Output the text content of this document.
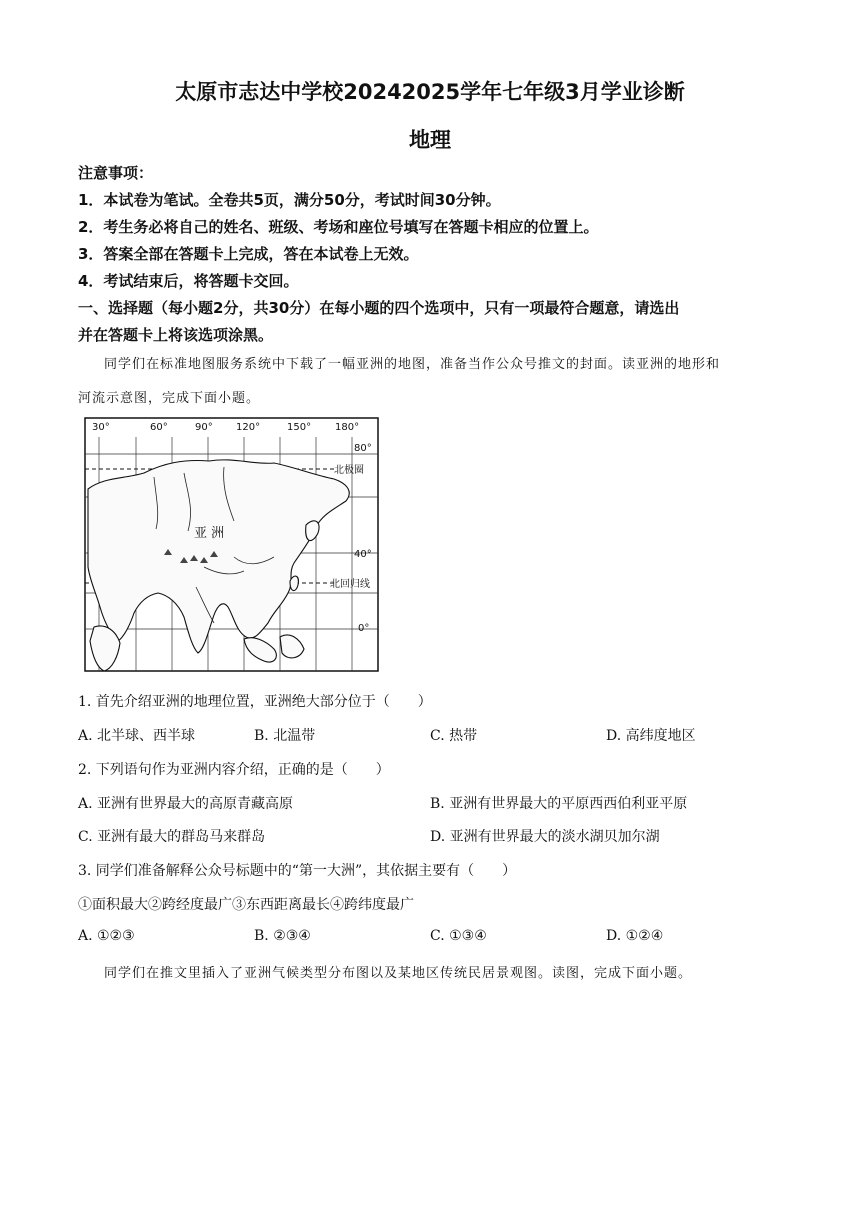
太原市志达中学校20242025学年七年级3月学业诊断
地理
注意事项：
1．本试卷为笔试。全卷共5页，满分50分，考试时间30分钟。
2．考生务必将自己的姓名、班级、考场和座位号填写在答题卡相应的位置上。
3．答案全部在答题卡上完成，答在本试卷上无效。
4．考试结束后，将答题卡交回。
一、选择题（每小题2分，共30分）在每小题的四个选项中，只有一项最符合题意，请选出
并在答题卡上将该选项涂黑。
同学们在标准地图服务系统中下载了一幅亚洲的地图，准备当作公众号推文的封面。读亚洲的地形和
河流示意图，完成下面小题。
30°	60°	90° 120°	150° 180°
80°
40°
0°
北极圈
北回归线
亚 洲
1. 首先介绍亚洲的地理位置，亚洲绝大部分位于（　　）
A. 北半球、西半球	B. 北温带	C. 热带	D. 高纬度地区
2. 下列语句作为亚洲内容介绍，正确的是（　　）
A. 亚洲有世界最大的高原青藏高原	B. 亚洲有世界最大的平原西西伯利亚平原
C. 亚洲有最大的群岛马来群岛	D. 亚洲有世界最大的淡水湖贝加尔湖
3. 同学们准备解释公众号标题中的“第一大洲”，其依据主要有（　　）
①面积最大②跨经度最广③东西距离最长④跨纬度最广
A. ①②③	B. ②③④	C. ①③④	D. ①②④
同学们在推文里插入了亚洲气候类型分布图以及某地区传统民居景观图。读图，完成下面小题。
